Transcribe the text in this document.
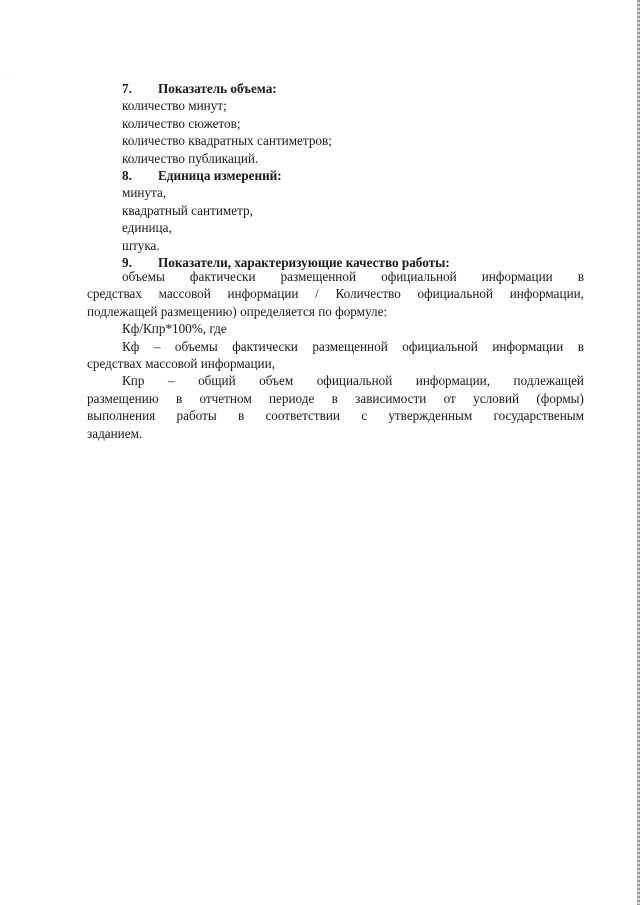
· · ·
7. Показатель объема:
количество минут;
количество сюжетов;
количество квадратных сантиметров;
количество публикаций.
8. Единица измерений:
минута,
квадратный сантиметр,
единица,
штука.
9. Показатели, характеризующие качество работы:
объемы фактически размещенной официальной информации в
средствах массовой информации / Количество официальной информации,
подлежащей размещению) определяется по формуле:
Кф/Кпр*100%, где
Кф – объемы фактически размещенной официальной информации в
средствах массовой информации,
Кпр – общий объем официальной информации, подлежащей
размещению в отчетном периоде в зависимости от условий (формы)
выполнения работы в соответствии с утвержденным государственым
заданием.
